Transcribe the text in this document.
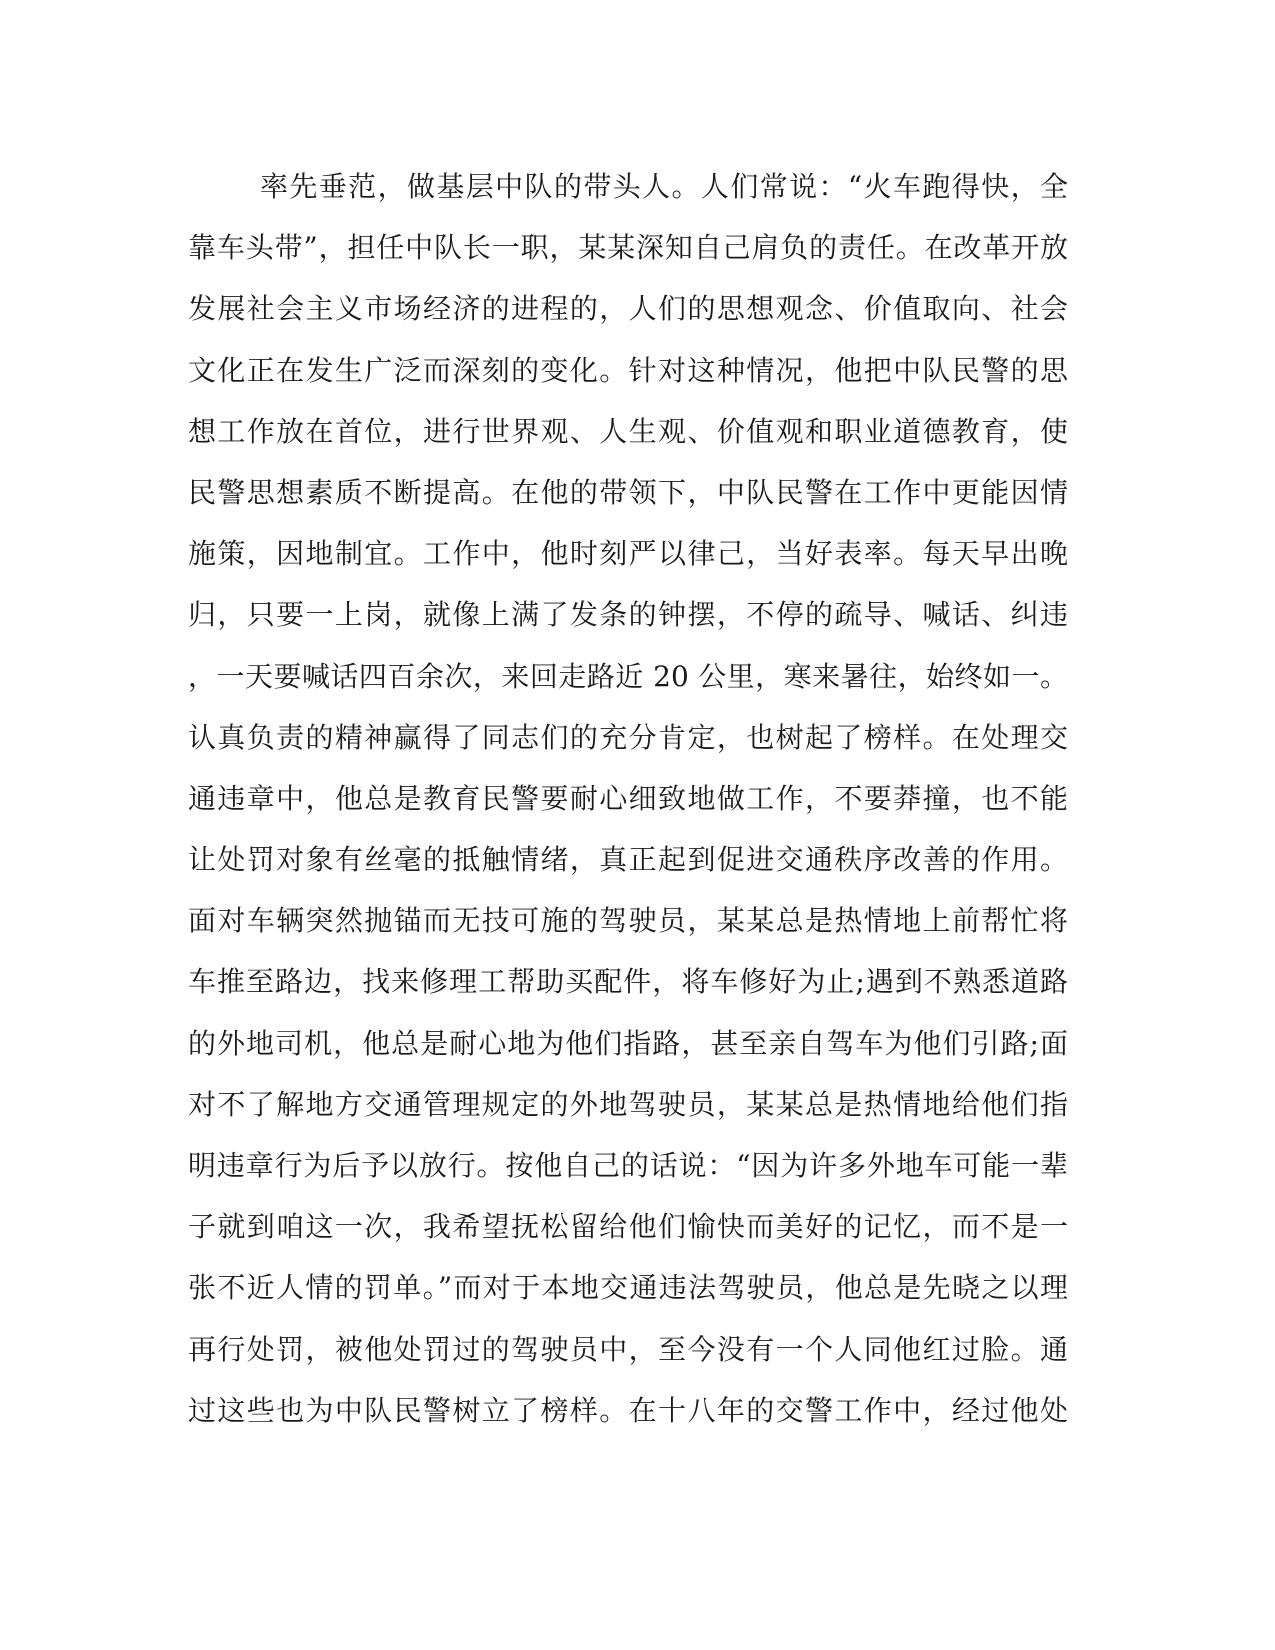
率先垂范，做基层中队的带头人。人们常说：“火车跑得快，全
靠车头带”，担任中队长一职，某某深知自己肩负的责任。在改革开放
发展社会主义市场经济的进程的，人们的思想观念、价值取向、社会
文化正在发生广泛而深刻的变化。针对这种情况，他把中队民警的思
想工作放在首位，进行世界观、人生观、价值观和职业道德教育，使
民警思想素质不断提高。在他的带领下，中队民警在工作中更能因情
施策，因地制宜。工作中，他时刻严以律己，当好表率。每天早出晚
归，只要一上岗，就像上满了发条的钟摆，不停的疏导、喊话、纠违
，一天要喊话四百余次，来回走路近 20 公里，寒来暑往，始终如一。
认真负责的精神赢得了同志们的充分肯定，也树起了榜样。在处理交
通违章中，他总是教育民警要耐心细致地做工作，不要莽撞，也不能
让处罚对象有丝毫的抵触情绪，真正起到促进交通秩序改善的作用。
面对车辆突然抛锚而无技可施的驾驶员，某某总是热情地上前帮忙将
车推至路边，找来修理工帮助买配件，将车修好为止;遇到不熟悉道路
的外地司机，他总是耐心地为他们指路，甚至亲自驾车为他们引路;面
对不了解地方交通管理规定的外地驾驶员，某某总是热情地给他们指
明违章行为后予以放行。按他自己的话说：“因为许多外地车可能一辈
子就到咱这一次，我希望抚松留给他们愉快而美好的记忆，而不是一
张不近人情的罚单。”而对于本地交通违法驾驶员，他总是先晓之以理
再行处罚，被他处罚过的驾驶员中，至今没有一个人同他红过脸。通
过这些也为中队民警树立了榜样。在十八年的交警工作中，经过他处
